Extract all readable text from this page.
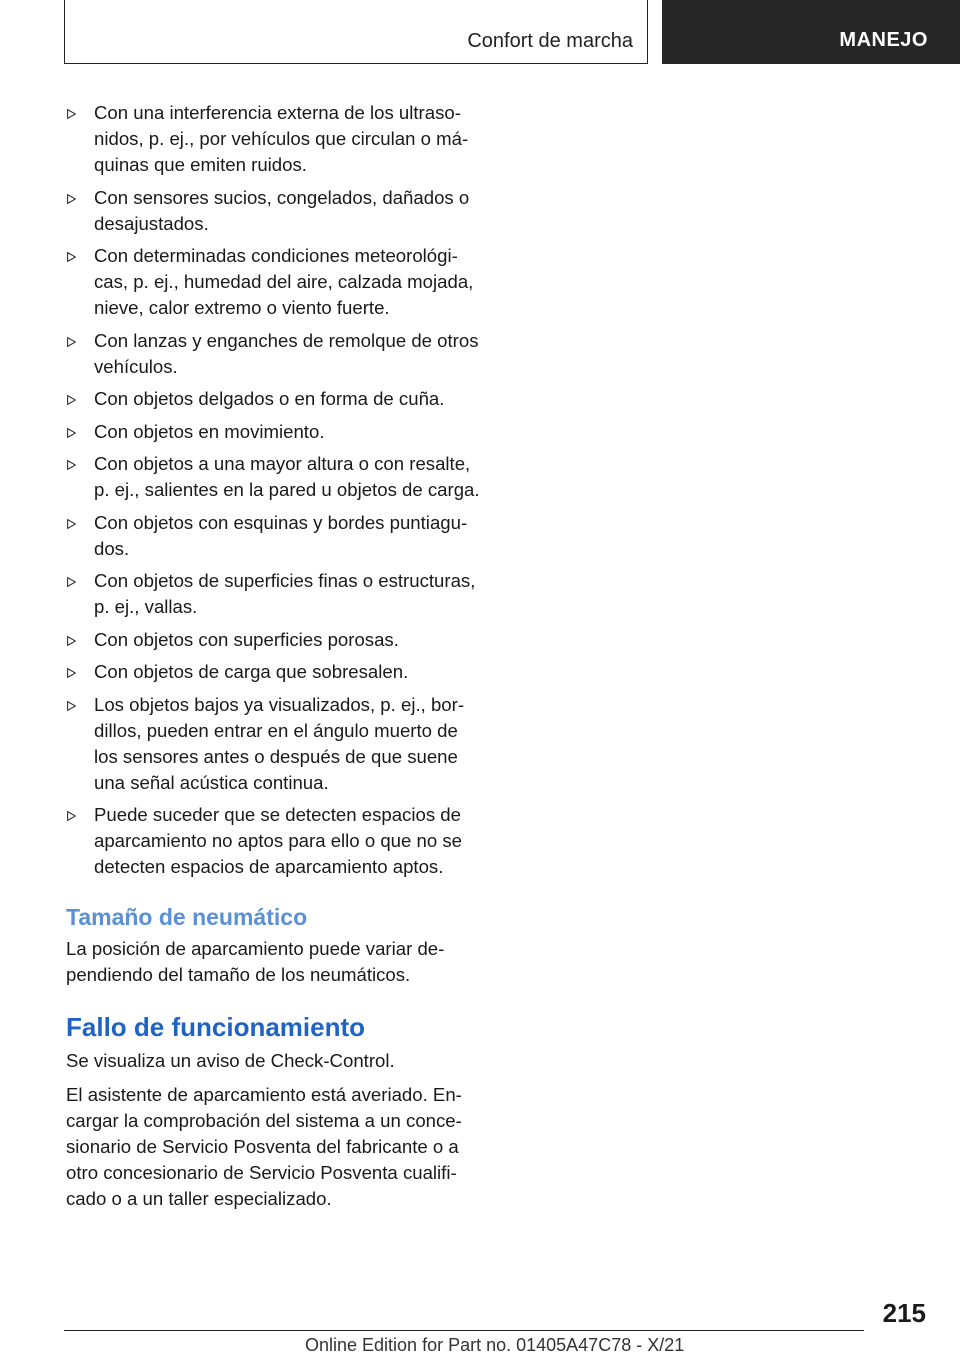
Confort de marcha	MANEJO
Con una interferencia externa de los ultrasonidos, p. ej., por vehículos que circulan o máquinas que emiten ruidos.
Con sensores sucios, congelados, dañados o desajustados.
Con determinadas condiciones meteorológicas, p. ej., humedad del aire, calzada mojada, nieve, calor extremo o viento fuerte.
Con lanzas y enganches de remolque de otros vehículos.
Con objetos delgados o en forma de cuña.
Con objetos en movimiento.
Con objetos a una mayor altura o con resalte, p. ej., salientes en la pared u objetos de carga.
Con objetos con esquinas y bordes puntiagudos.
Con objetos de superficies finas o estructuras, p. ej., vallas.
Con objetos con superficies porosas.
Con objetos de carga que sobresalen.
Los objetos bajos ya visualizados, p. ej., bordillos, pueden entrar en el ángulo muerto de los sensores antes o después de que suene una señal acústica continua.
Puede suceder que se detecten espacios de aparcamiento no aptos para ello o que no se detecten espacios de aparcamiento aptos.
Tamaño de neumático

La posición de aparcamiento puede variar dependiendo del tamaño de los neumáticos.

Fallo de funcionamiento

Se visualiza un aviso de Check-Control.

El asistente de aparcamiento está averiado. Encargar la comprobación del sistema a un concesionario de Servicio Posventa del fabricante o a otro concesionario de Servicio Posventa cualificado o a un taller especializado.

215
Online Edition for Part no. 01405A47C78 - X/21
